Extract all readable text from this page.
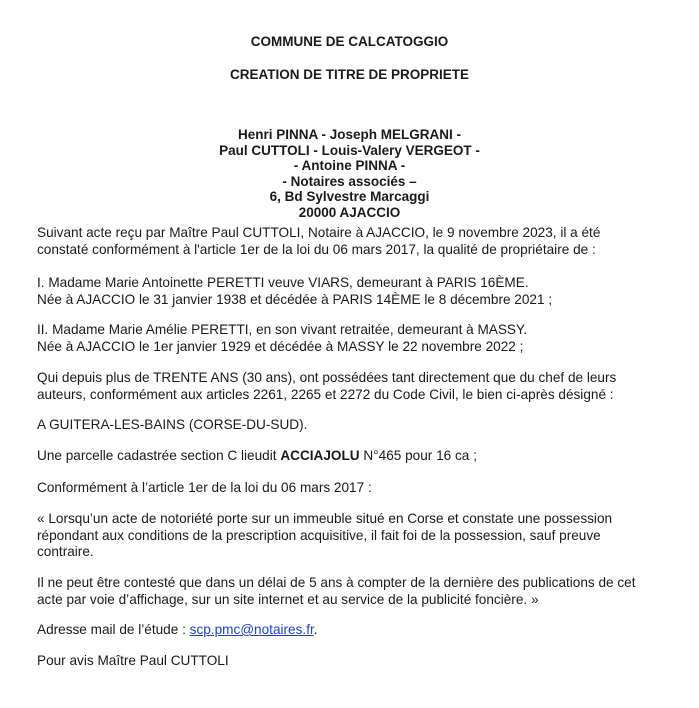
COMMUNE DE CALCATOGGIO
CREATION DE TITRE DE PROPRIETE
Henri PINNA - Joseph MELGRANI -
Paul CUTTOLI - Louis-Valery VERGEOT -
- Antoine PINNA -
- Notaires associés –
6, Bd Sylvestre Marcaggi
20000 AJACCIO

Suivant acte reçu par Maître Paul CUTTOLI, Notaire à AJACCIO, le 9 novembre 2023, il a été

constaté conformément à l'article 1er de la loi du 06 mars 2017, la qualité de propriétaire de :

I. Madame Marie Antoinette PERETTI veuve VIARS, demeurant à PARIS 16ÈME.

Née à AJACCIO le 31 janvier 1938 et décédée à PARIS 14ÈME le 8 décembre 2021 ;

II. Madame Marie Amélie PERETTI, en son vivant retraitée, demeurant à MASSY.

Née à AJACCIO le 1er janvier 1929 et décédée à MASSY le 22 novembre 2022 ;

Qui depuis plus de TRENTE ANS (30 ans), ont possédées tant directement que du chef de leurs

auteurs, conformément aux articles 2261, 2265 et 2272 du Code Civil, le bien ci-après désigné :

A GUITERA-LES-BAINS (CORSE-DU-SUD).

Une parcelle cadastrée section C lieudit ACCIAJOLU N°465 pour 16 ca ;

Conformément à l’article 1er de la loi du 06 mars 2017 :

« Lorsqu’un acte de notoriété porte sur un immeuble situé en Corse et constate une possession

répondant aux conditions de la prescription acquisitive, il fait foi de la possession, sauf preuve

contraire.

Il ne peut être contesté que dans un délai de 5 ans à compter de la dernière des publications de cet

acte par voie d’affichage, sur un site internet et au service de la publicité foncière. »

Adresse mail de l’étude : scp.pmc@notaires.fr.

Pour avis Maître Paul CUTTOLI
